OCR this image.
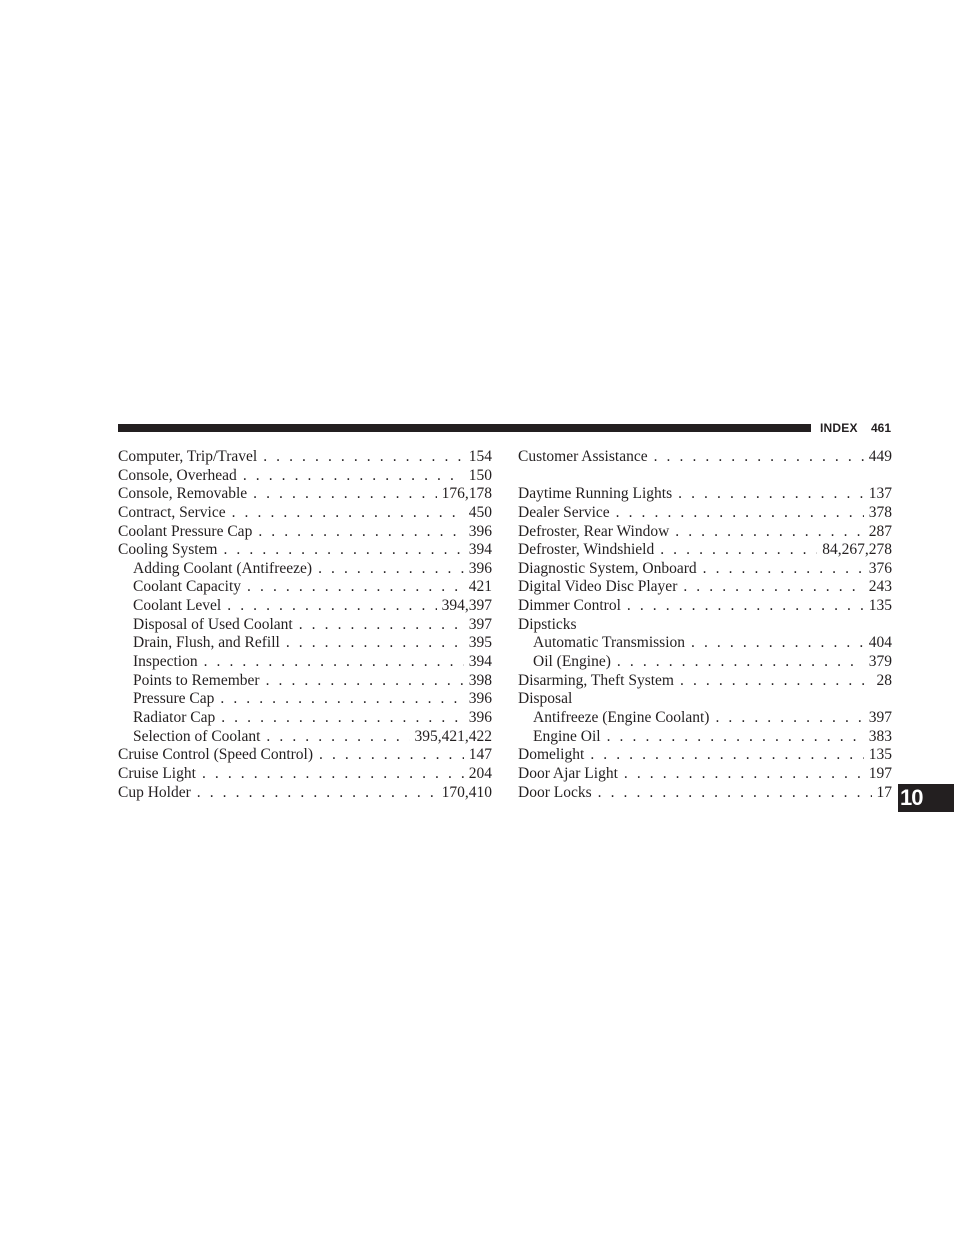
INDEX 461
Computer, Trip/Travel . . .	154
Console, Overhead . . .	150
Console, Removable . . .	176,178
Contract, Service . . .	450
Coolant Pressure Cap . . .	396
Cooling System . . .	394
Adding Coolant (Antifreeze) . . .	396
Coolant Capacity . . .	421
Coolant Level . . .	394,397
Disposal of Used Coolant . . .	397
Drain, Flush, and Refill . . .	395
Inspection . . .	394
Points to Remember . . .	398
Pressure Cap . . .	396
Radiator Cap . . .	396
Selection of Coolant . . .	395,421,422
Cruise Control (Speed Control) . . .	147
Cruise Light . . .	204
Cup Holder . . .	170,410
Customer Assistance . . .	449
Daytime Running Lights . . .	137
Dealer Service . . .	378
Defroster, Rear Window . . .	287
Defroster, Windshield . . .	84,267,278
Diagnostic System, Onboard . . .	376
Digital Video Disc Player . . .	243
Dimmer Control . . .	135
Dipsticks
Automatic Transmission . . .	404
Oil (Engine) . . .	379
Disarming, Theft System . . .	28
Disposal
Antifreeze (Engine Coolant) . . .	397
Engine Oil . . .	383
Domelight . . .	135
Door Ajar Light . . .	197
Door Locks . . .	17 10
